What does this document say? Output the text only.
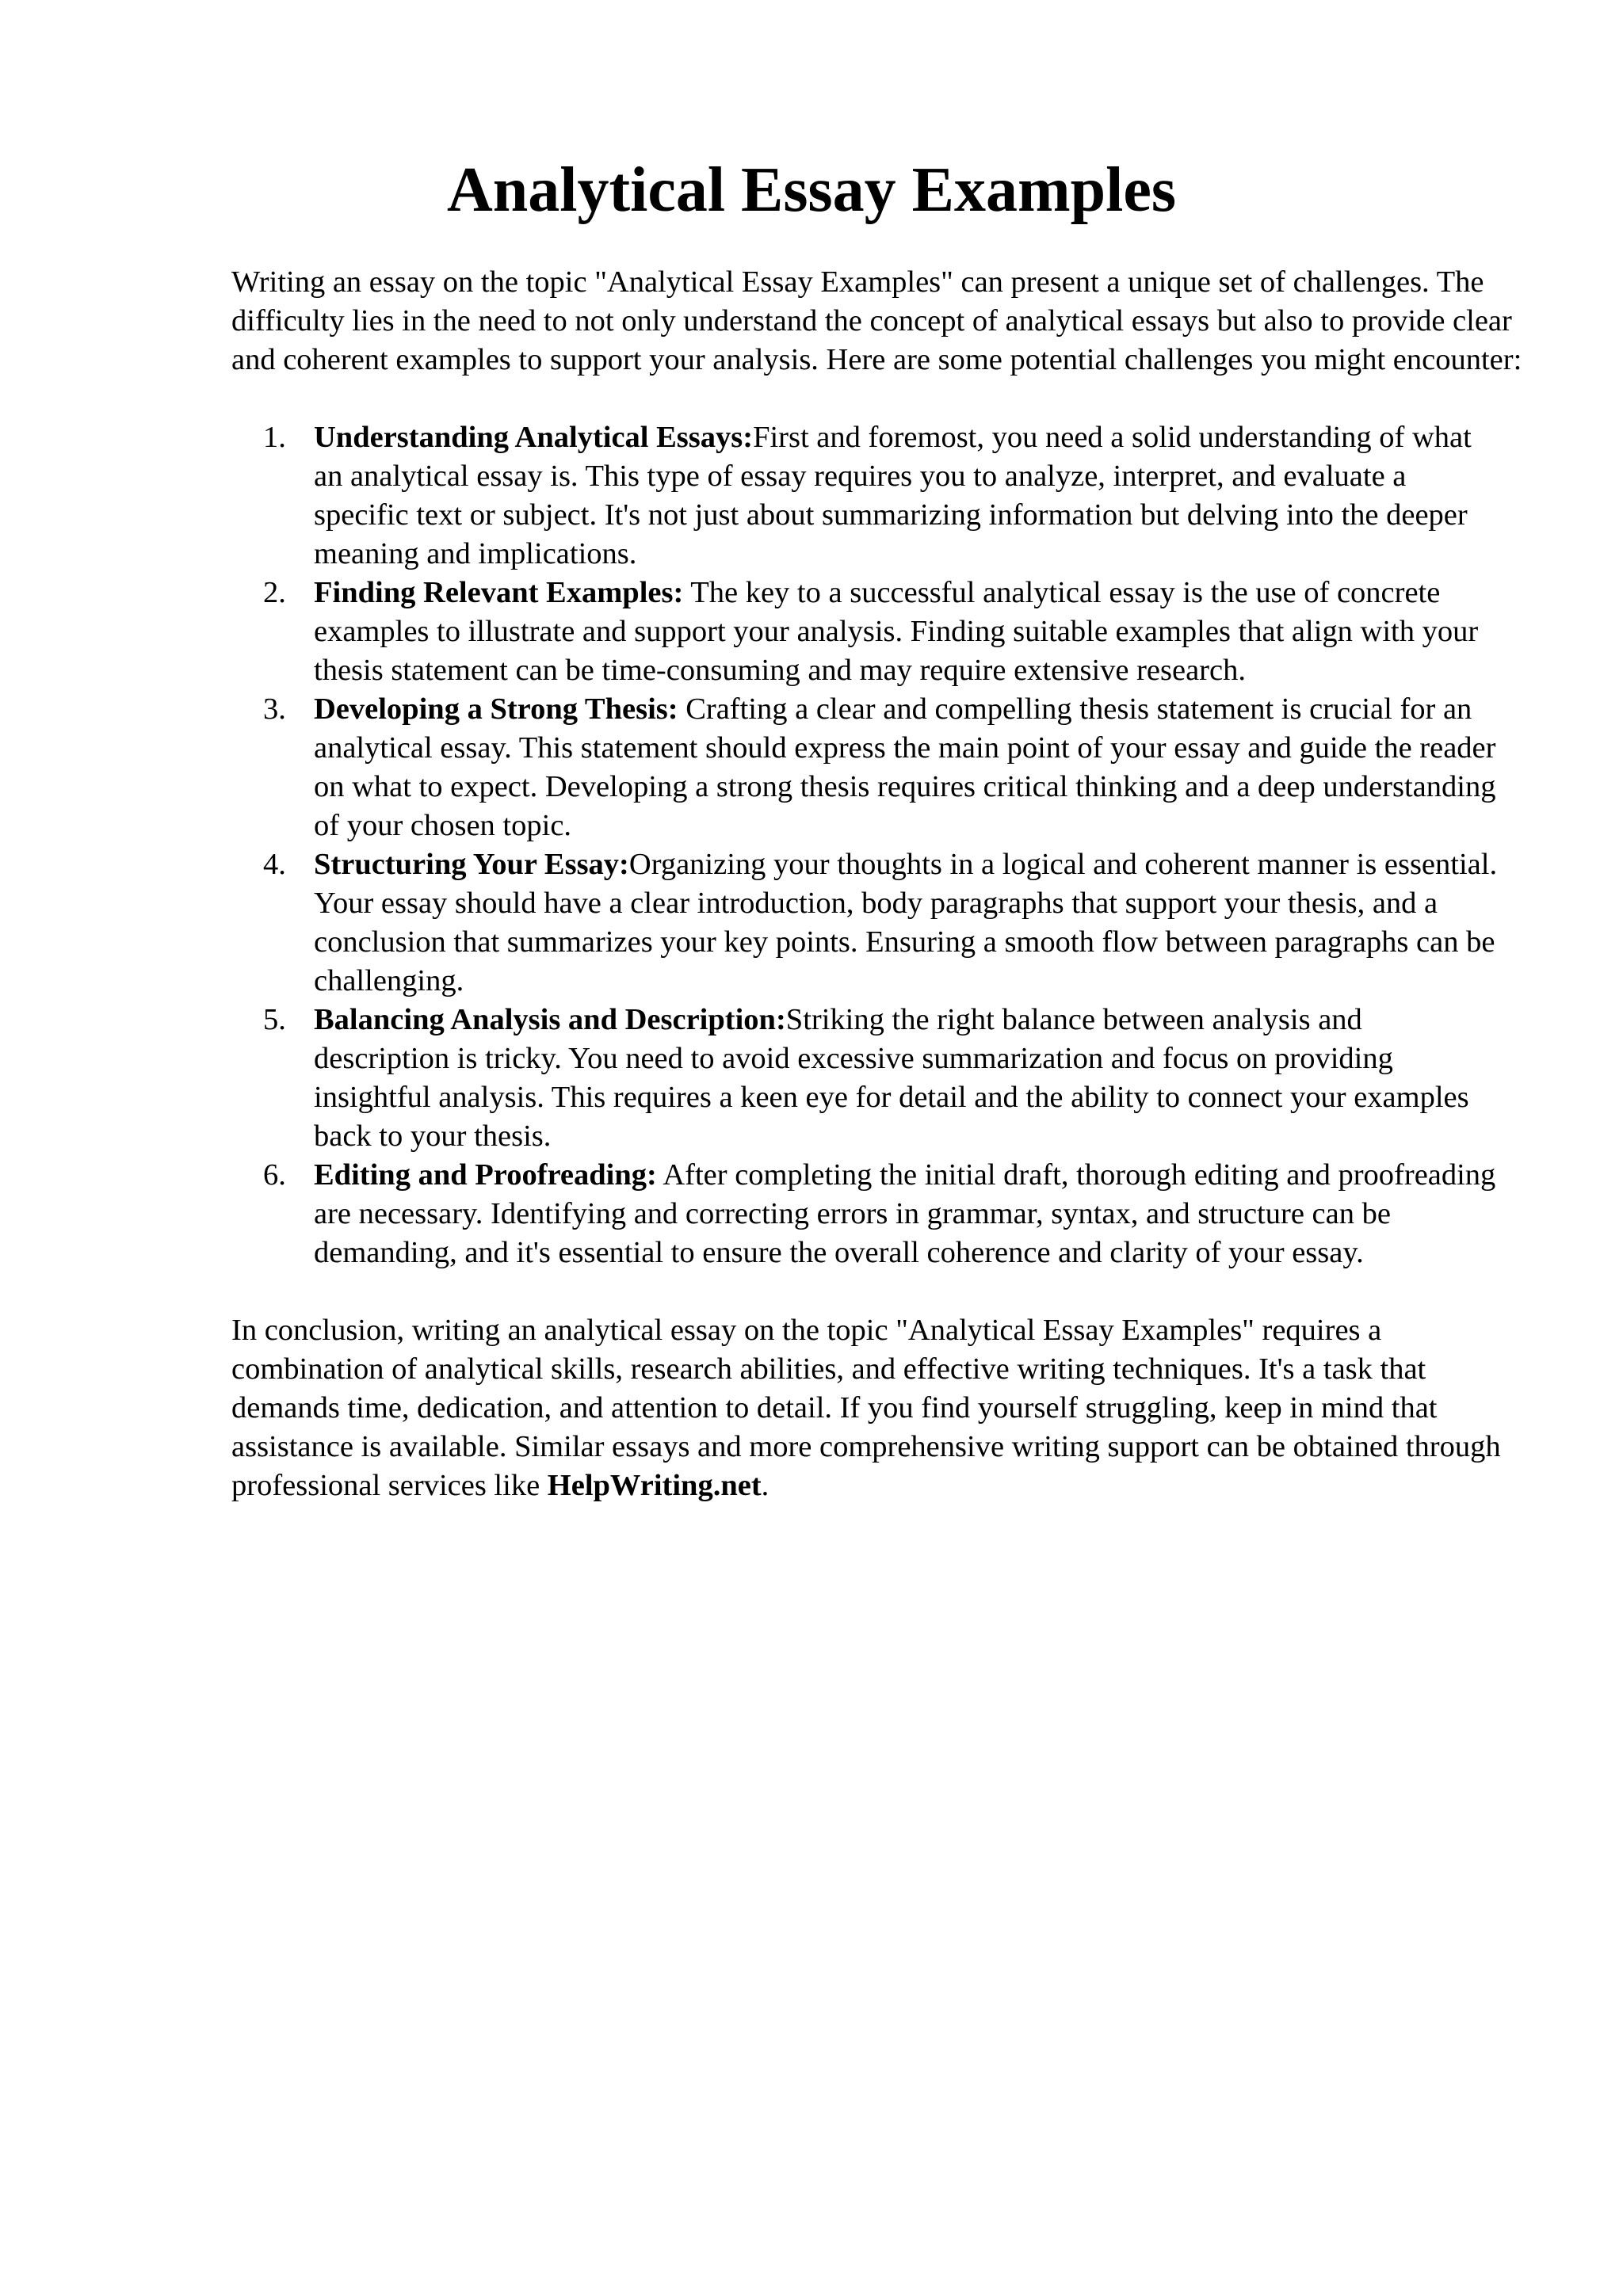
Analytical Essay Examples

Writing an essay on the topic "Analytical Essay Examples" can present a unique set of challenges. The difficulty lies in the need to not only understand the concept of analytical essays but also to provide clear and coherent examples to support your analysis. Here are some potential challenges you might encounter:

1. Understanding Analytical Essays:First and foremost, you need a solid understanding of what an analytical essay is. This type of essay requires you to analyze, interpret, and evaluate a specific text or subject. It's not just about summarizing information but delving into the deeper meaning and implications.
2. Finding Relevant Examples: The key to a successful analytical essay is the use of concrete examples to illustrate and support your analysis. Finding suitable examples that align with your thesis statement can be time-consuming and may require extensive research.
3. Developing a Strong Thesis: Crafting a clear and compelling thesis statement is crucial for an analytical essay. This statement should express the main point of your essay and guide the reader on what to expect. Developing a strong thesis requires critical thinking and a deep understanding of your chosen topic.
4. Structuring Your Essay:Organizing your thoughts in a logical and coherent manner is essential. Your essay should have a clear introduction, body paragraphs that support your thesis, and a conclusion that summarizes your key points. Ensuring a smooth flow between paragraphs can be challenging.
5. Balancing Analysis and Description:Striking the right balance between analysis and description is tricky. You need to avoid excessive summarization and focus on providing insightful analysis. This requires a keen eye for detail and the ability to connect your examples back to your thesis.
6. Editing and Proofreading: After completing the initial draft, thorough editing and proofreading are necessary. Identifying and correcting errors in grammar, syntax, and structure can be demanding, and it's essential to ensure the overall coherence and clarity of your essay.

In conclusion, writing an analytical essay on the topic "Analytical Essay Examples" requires a combination of analytical skills, research abilities, and effective writing techniques. It's a task that demands time, dedication, and attention to detail. If you find yourself struggling, keep in mind that assistance is available. Similar essays and more comprehensive writing support can be obtained through professional services like HelpWriting.net.
